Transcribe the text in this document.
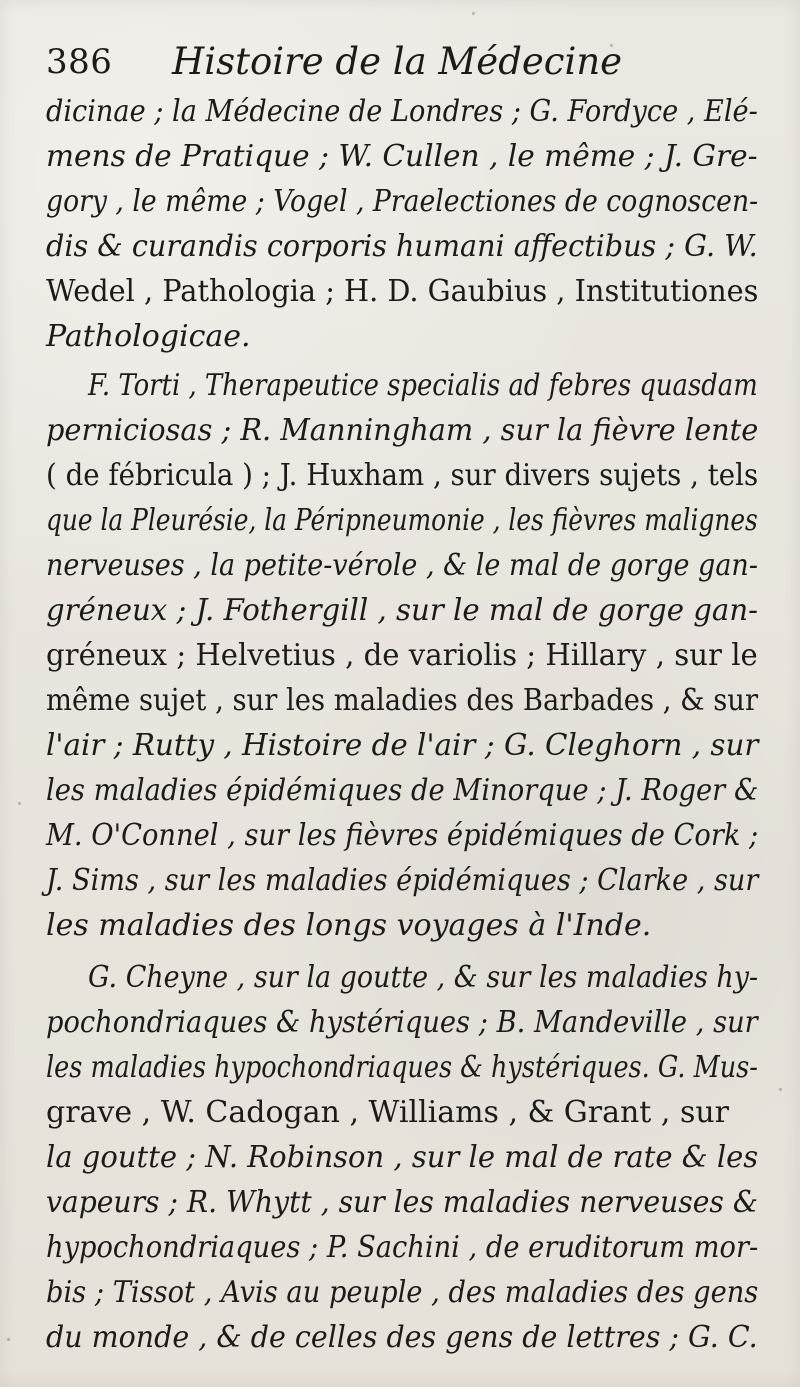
386 Histoire de la Médecine
dicinae ; la Médecine de Londres ; G. Fordyce , Elé-
mens de Pratique ; W. Cullen , le même ; J. Gre-
gory , le même ; Vogel , Praelectiones de cognoscen-
dis & curandis corporis humani affectibus ; G. W.
Wedel , Pathologia ; H. D. Gaubius , Institutiones
Pathologicae.
F. Torti , Therapeutice specialis ad febres quasdam
perniciosas ; R. Manningham , sur la fièvre lente
( de fébricula ) ; J. Huxham , sur divers sujets , tels
que la Pleurésie, la Péripneumonie , les fièvres malignes
nerveuses , la petite-vérole , & le mal de gorge gan-
gréneux ; J. Fothergill , sur le mal de gorge gan-
gréneux ; Helvetius , de variolis ; Hillary , sur le
même sujet , sur les maladies des Barbades , & sur
l'air ; Rutty , Histoire de l'air ; G. Cleghorn , sur
les maladies épidémiques de Minorque ; J. Roger &
M. O'Connel , sur les fièvres épidémiques de Cork ;
J. Sims , sur les maladies épidémiques ; Clarke , sur
les maladies des longs voyages à l'Inde.
G. Cheyne , sur la goutte , & sur les maladies hy-
pochondriaques & hystériques ; B. Mandeville , sur
les maladies hypochondriaques & hystériques. G. Mus-
grave , W. Cadogan , Williams , & Grant , sur
la goutte ; N. Robinson , sur le mal de rate & les
vapeurs ; R. Whytt , sur les maladies nerveuses &
hypochondriaques ; P. Sachini , de eruditorum mor-
bis ; Tissot , Avis au peuple , des maladies des gens
du monde , & de celles des gens de lettres ; G. C.
